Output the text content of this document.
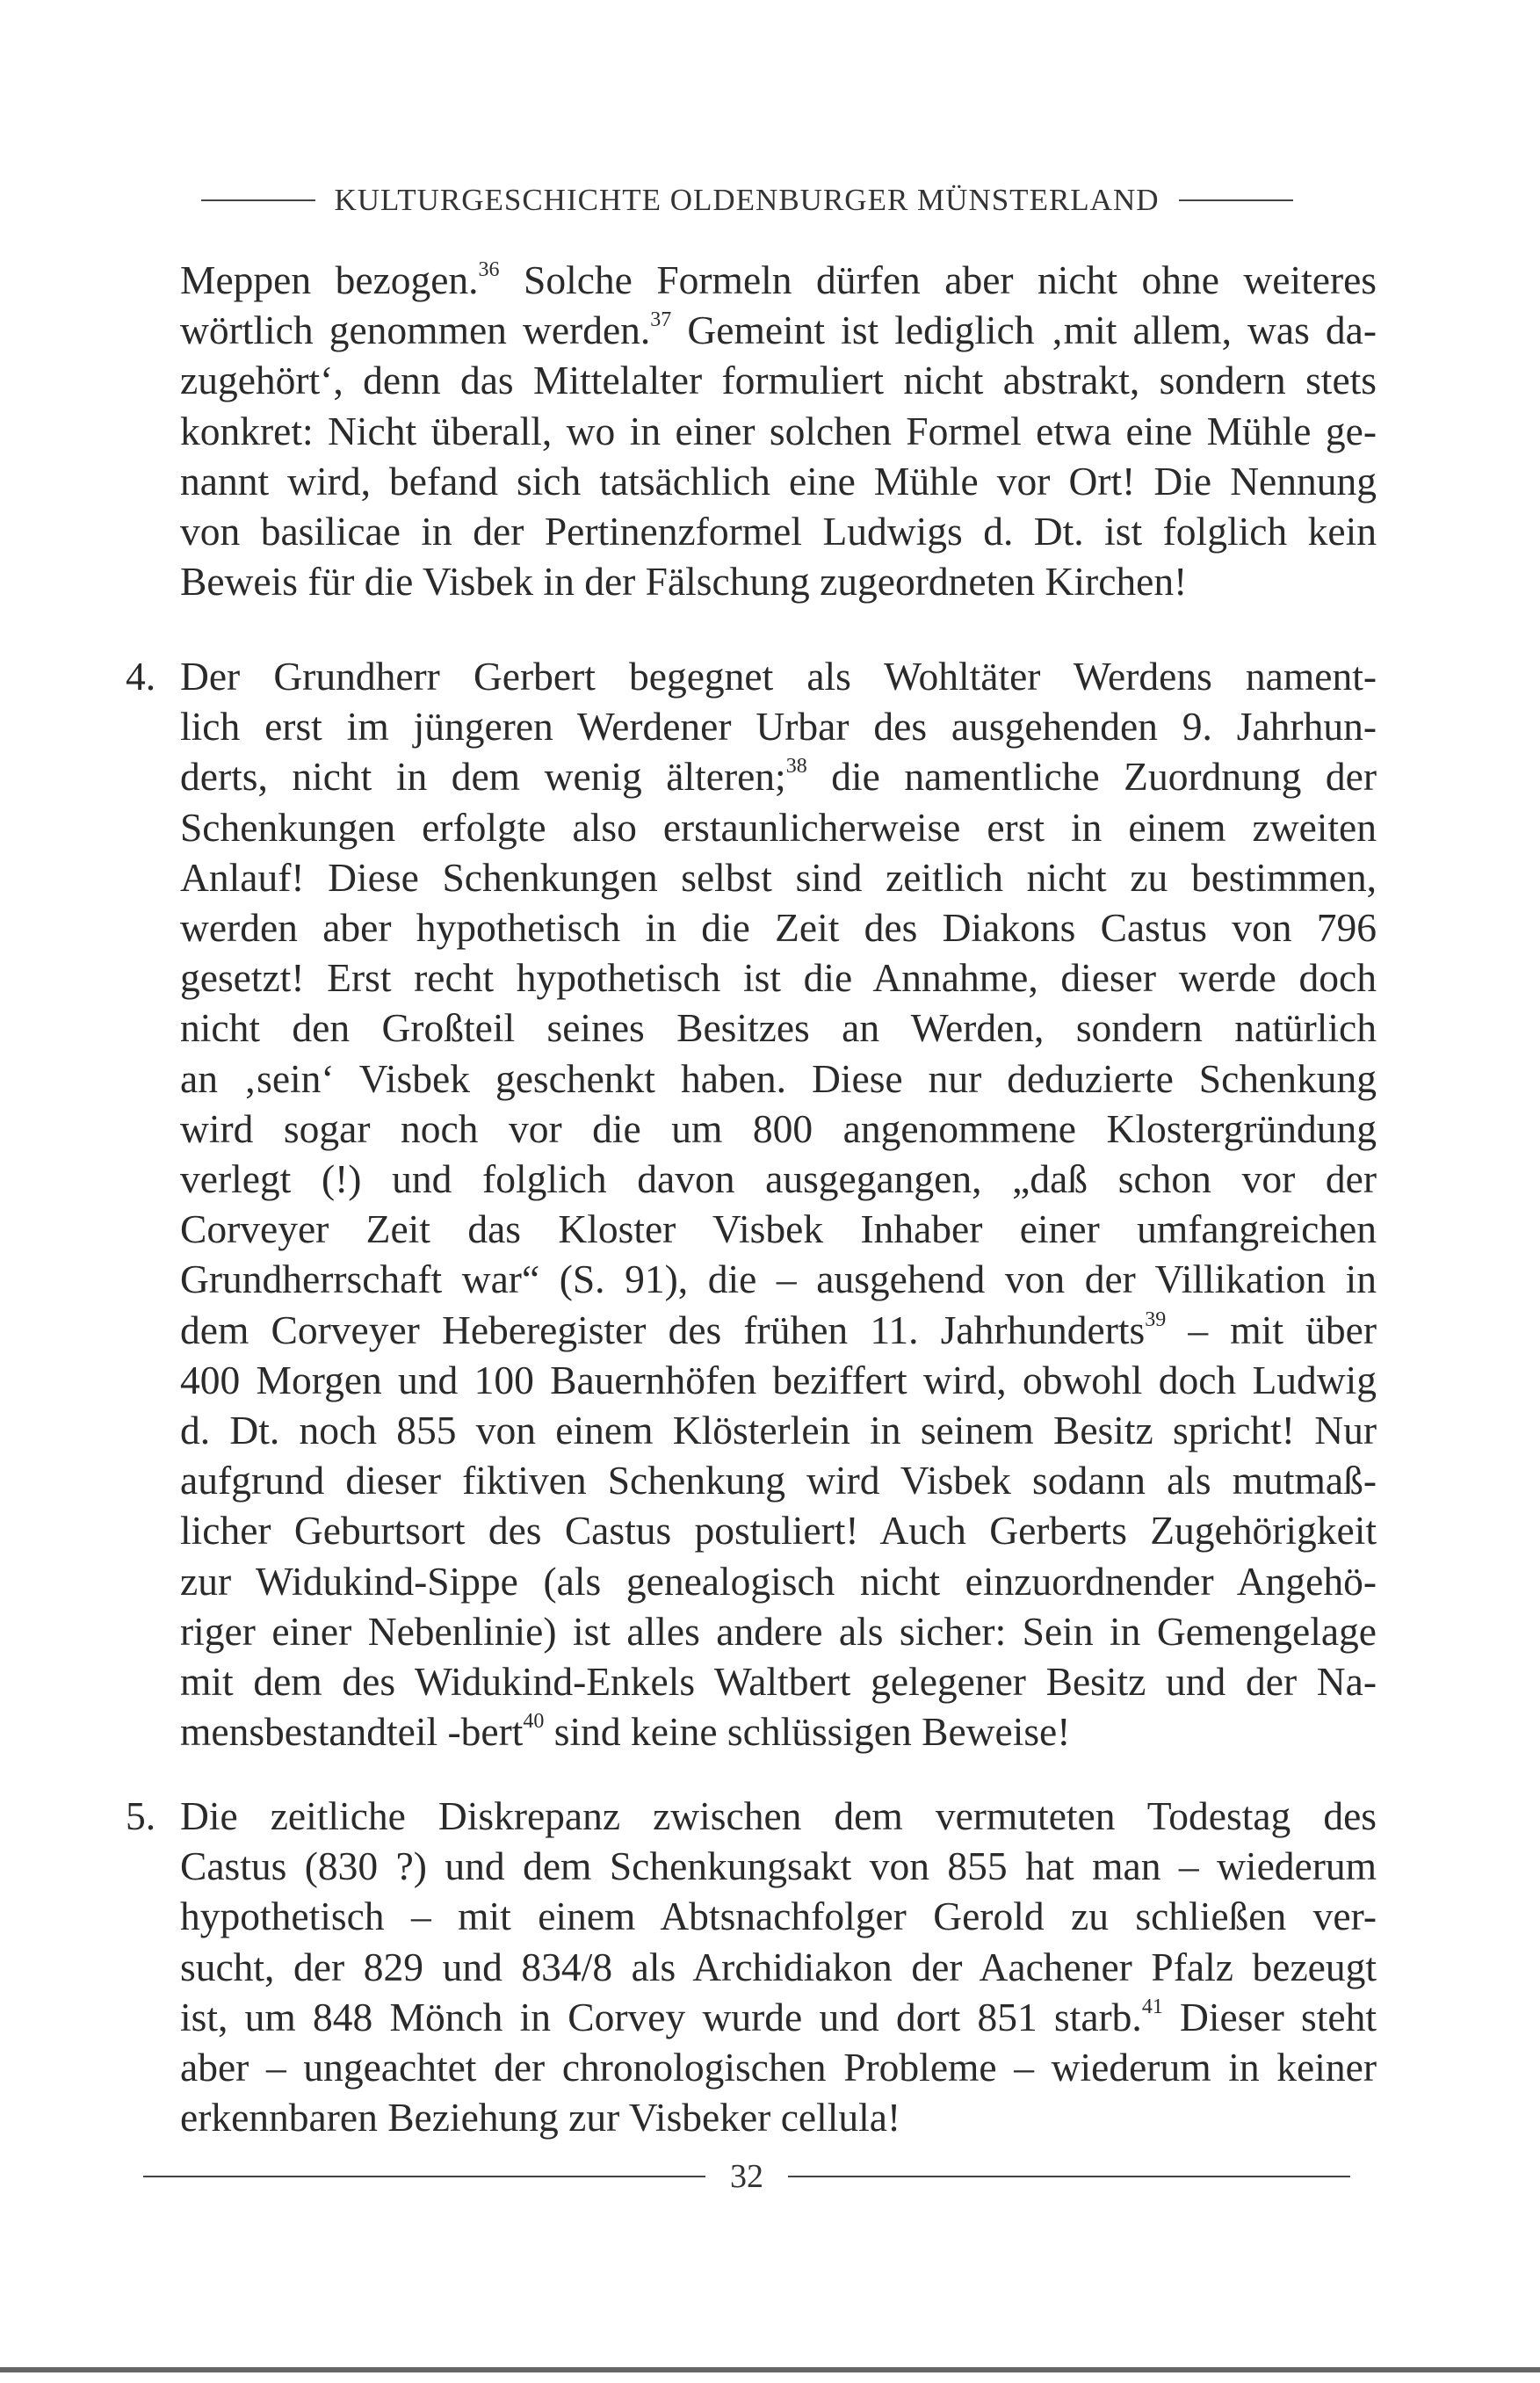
KULTURGESCHICHTE OLDENBURGER MÜNSTERLAND
Meppen bezogen.$^{36}$ Solche Formeln dürfen aber nicht ohne weiteres
wörtlich genommen werden.$^{37}$ Gemeint ist lediglich ‚mit allem, was da-
zugehört‘, denn das Mittelalter formuliert nicht abstrakt, sondern stets
konkret: Nicht überall, wo in einer solchen Formel etwa eine Mühle ge-
nannt wird, befand sich tatsächlich eine Mühle vor Ort! Die Nennung
von basilicae in der Pertinenzformel Ludwigs d. Dt. ist folglich kein
Beweis für die Visbek in der Fälschung zugeordneten Kirchen!
4. Der Grundherr Gerbert begegnet als Wohltäter Werdens nament-
lich erst im jüngeren Werdener Urbar des ausgehenden 9. Jahrhun-
derts, nicht in dem wenig älteren;$^{38}$ die namentliche Zuordnung der
Schenkungen erfolgte also erstaunlicherweise erst in einem zweiten
Anlauf! Diese Schenkungen selbst sind zeitlich nicht zu bestimmen,
werden aber hypothetisch in die Zeit des Diakons Castus von 796
gesetzt! Erst recht hypothetisch ist die Annahme, dieser werde doch
nicht den Großteil seines Besitzes an Werden, sondern natürlich
an ‚sein‘ Visbek geschenkt haben. Diese nur deduzierte Schenkung
wird sogar noch vor die um 800 angenommene Klostergründung
verlegt (!) und folglich davon ausgegangen, „daß schon vor der
Corveyer Zeit das Kloster Visbek Inhaber einer umfangreichen
Grundherrschaft war“ (S. 91), die – ausgehend von der Villikation in
dem Corveyer Heberegister des frühen 11. Jahrhunderts$^{39}$ – mit über
400 Morgen und 100 Bauernhöfen beziffert wird, obwohl doch Ludwig
d. Dt. noch 855 von einem Klösterlein in seinem Besitz spricht! Nur
aufgrund dieser fiktiven Schenkung wird Visbek sodann als mutmaß-
licher Geburtsort des Castus postuliert! Auch Gerberts Zugehörigkeit
zur Widukind-Sippe (als genealogisch nicht einzuordnender Angehö-
riger einer Nebenlinie) ist alles andere als sicher: Sein in Gemengelage
mit dem des Widukind-Enkels Waltbert gelegener Besitz und der Na-
mensbestandteil -bert$^{40}$ sind keine schlüssigen Beweise!
5. Die zeitliche Diskrepanz zwischen dem vermuteten Todestag des
Castus (830 ?) und dem Schenkungsakt von 855 hat man – wiederum
hypothetisch – mit einem Abtsnachfolger Gerold zu schließen ver-
sucht, der 829 und 834/8 als Archidiakon der Aachener Pfalz bezeugt
ist, um 848 Mönch in Corvey wurde und dort 851 starb.$^{41}$ Dieser steht
aber – ungeachtet der chronologischen Probleme – wiederum in keiner
erkennbaren Beziehung zur Visbeker cellula!
32
